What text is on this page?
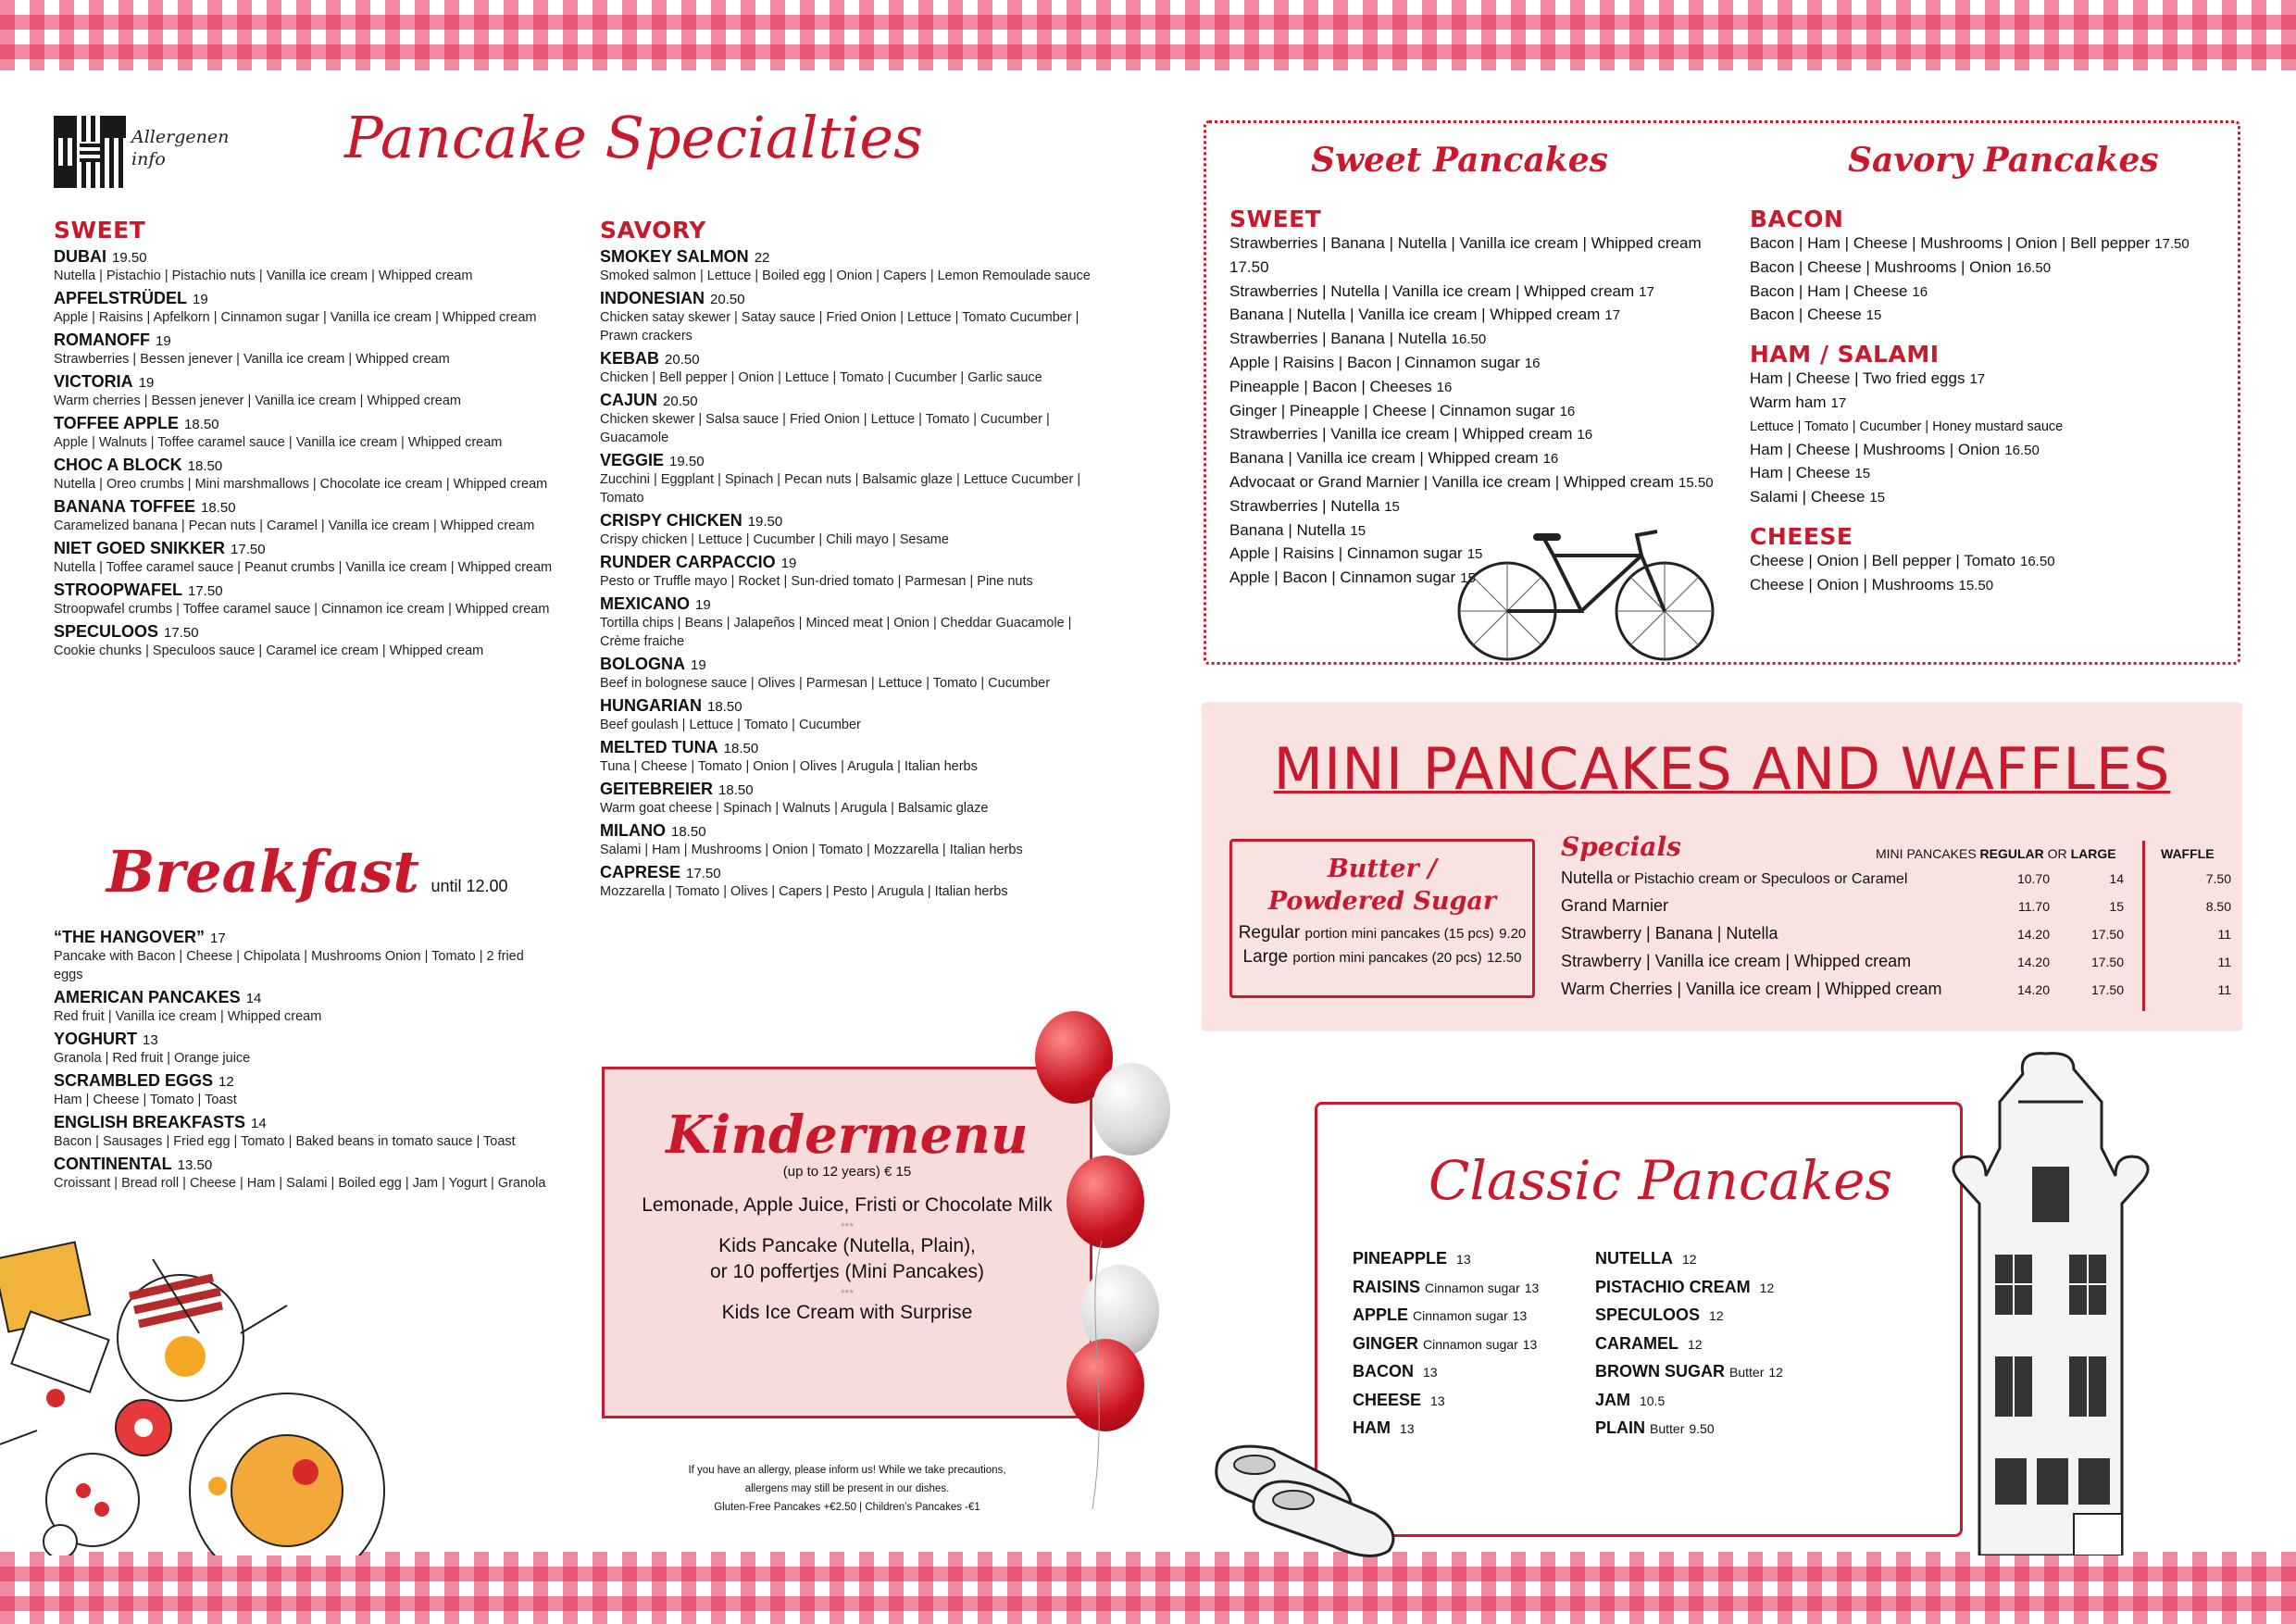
Allergenen
info	Pancake Specialties
SWEET
DUBAI 19.50
Nutella | Pistachio | Pistachio nuts | Vanilla ice cream | Whipped cream
APFELSTRÜDEL 19
Apple | Raisins | Apfelkorn | Cinnamon sugar | Vanilla ice cream | Whipped cream
ROMANOFF 19
Strawberries | Bessen jenever | Vanilla ice cream | Whipped cream
VICTORIA 19
Warm cherries | Bessen jenever | Vanilla ice cream | Whipped cream
TOFFEE APPLE 18.50
Apple | Walnuts | Toffee caramel sauce | Vanilla ice cream | Whipped cream
CHOC A BLOCK 18.50
Nutella | Oreo crumbs | Mini marshmallows | Chocolate ice cream | Whipped cream
BANANA TOFFEE 18.50
Caramelized banana | Pecan nuts | Caramel | Vanilla ice cream | Whipped cream
NIET GOED SNIKKER 17.50
Nutella | Toffee caramel sauce | Peanut crumbs | Vanilla ice cream | Whipped cream
STROOPWAFEL 17.50
Stroopwafel crumbs | Toffee caramel sauce | Cinnamon ice cream | Whipped cream
SPECULOOS 17.50
Cookie chunks | Speculoos sauce | Caramel ice cream | Whipped cream
SAVORY
SMOKEY SALMON 22
Smoked salmon | Lettuce | Boiled egg | Onion | Capers | Lemon Remoulade sauce
INDONESIAN 20.50
Chicken satay skewer | Satay sauce | Fried Onion | Lettuce | Tomato Cucumber | Prawn crackers
KEBAB 20.50
Chicken | Bell pepper | Onion | Lettuce | Tomato | Cucumber | Garlic sauce
CAJUN 20.50
Chicken skewer | Salsa sauce | Fried Onion | Lettuce | Tomato | Cucumber | Guacamole
VEGGIE 19.50
Zucchini | Eggplant | Spinach | Pecan nuts | Balsamic glaze | Lettuce Cucumber | Tomato
CRISPY CHICKEN 19.50
Crispy chicken | Lettuce | Cucumber | Chili mayo | Sesame
RUNDER CARPACCIO 19
Pesto or Truffle mayo | Rocket | Sun-dried tomato | Parmesan | Pine nuts
MEXICANO 19
Tortilla chips | Beans | Jalapeños | Minced meat | Onion | Cheddar Guacamole | Crème fraiche
BOLOGNA 19
Beef in bolognese sauce | Olives | Parmesan | Lettuce | Tomato | Cucumber
HUNGARIAN 18.50
Beef goulash | Lettuce | Tomato | Cucumber
MELTED TUNA 18.50
Tuna | Cheese | Tomato | Onion | Olives | Arugula | Italian herbs
GEITEBREIER 18.50
Warm goat cheese | Spinach | Walnuts | Arugula | Balsamic glaze
MILANO 18.50
Salami | Ham | Mushrooms | Onion | Tomato | Mozzarella | Italian herbs
CAPRESE 17.50
Mozzarella | Tomato | Olives | Capers | Pesto | Arugula | Italian herbs
Breakfast until 12.00
“THE HANGOVER” 17
Pancake with Bacon | Cheese | Chipolata | Mushrooms Onion | Tomato | 2 fried eggs
AMERICAN PANCAKES 14
Red fruit | Vanilla ice cream | Whipped cream
YOGHURT 13
Granola | Red fruit | Orange juice
SCRAMBLED EGGS 12
Ham | Cheese | Tomato | Toast
ENGLISH BREAKFASTS 14
Bacon | Sausages | Fried egg | Tomato | Baked beans in tomato sauce | Toast
CONTINENTAL 13.50
Croissant | Bread roll | Cheese | Ham | Salami | Boiled egg | Jam | Yogurt | Granola
Kindermenu
(up to 12 years) € 15
Lemonade, Apple Juice, Fristi or Chocolate Milk
***
Kids Pancake (Nutella, Plain),
or 10 poffertjes (Mini Pancakes)
***
Kids Ice Cream with Surprise
If you have an allergy, please inform us! While we take precautions,
allergens may still be present in our dishes.
Gluten-Free Pancakes +€2.50 | Children’s Pancakes -€1
Sweet Pancakes	Savory Pancakes
SWEET
Strawberries | Banana | Nutella | Vanilla ice cream | Whipped cream
17.50
Strawberries | Nutella | Vanilla ice cream | Whipped cream 17
Banana | Nutella | Vanilla ice cream | Whipped cream 17
Strawberries | Banana | Nutella 16.50
Apple | Raisins | Bacon | Cinnamon sugar 16
Pineapple | Bacon | Cheeses 16
Ginger | Pineapple | Cheese | Cinnamon sugar 16
Strawberries | Vanilla ice cream | Whipped cream 16
Banana | Vanilla ice cream | Whipped cream 16
Advocaat or Grand Marnier | Vanilla ice cream | Whipped cream 15.50
Strawberries | Nutella 15
Banana | Nutella 15
Apple | Raisins | Cinnamon sugar 15
Apple | Bacon | Cinnamon sugar 15
BACON
Bacon | Ham | Cheese | Mushrooms | Onion | Bell pepper 17.50
Bacon | Cheese | Mushrooms | Onion 16.50
Bacon | Ham | Cheese 16
Bacon | Cheese 15
HAM / SALAMI
Ham | Cheese | Two fried eggs 17
Warm ham 17
Lettuce | Tomato | Cucumber | Honey mustard sauce
Ham | Cheese | Mushrooms | Onion 16.50
Ham | Cheese 15
Salami | Cheese 15
CHEESE
Cheese | Onion | Bell pepper | Tomato 16.50
Cheese | Onion | Mushrooms 15.50
MINI PANCAKES AND WAFFLES
Butter /
Powdered Sugar
Regular portion mini pancakes (15 pcs) 9.20
Large portion mini pancakes (20 pcs) 12.50
Specials	MINI PANCAKES REGULAR OR LARGE	WAFFLE
Nutella or Pistachio cream or Speculoos or Caramel	10.70	14	7.50
Grand Marnier	11.70	15	8.50
Strawberry | Banana | Nutella	14.20	17.50	11
Strawberry | Vanilla ice cream | Whipped cream	14.20	17.50	11
Warm Cherries | Vanilla ice cream | Whipped cream	14.20	17.50	11
Classic Pancakes
PINEAPPLE 13
RAISINS Cinnamon sugar 13
APPLE Cinnamon sugar 13
GINGER Cinnamon sugar 13
BACON 13
CHEESE 13
HAM 13
NUTELLA 12
PISTACHIO CREAM 12
SPECULOOS 12
CARAMEL 12
BROWN SUGAR Butter 12
JAM 10.5
PLAIN Butter 9.50
